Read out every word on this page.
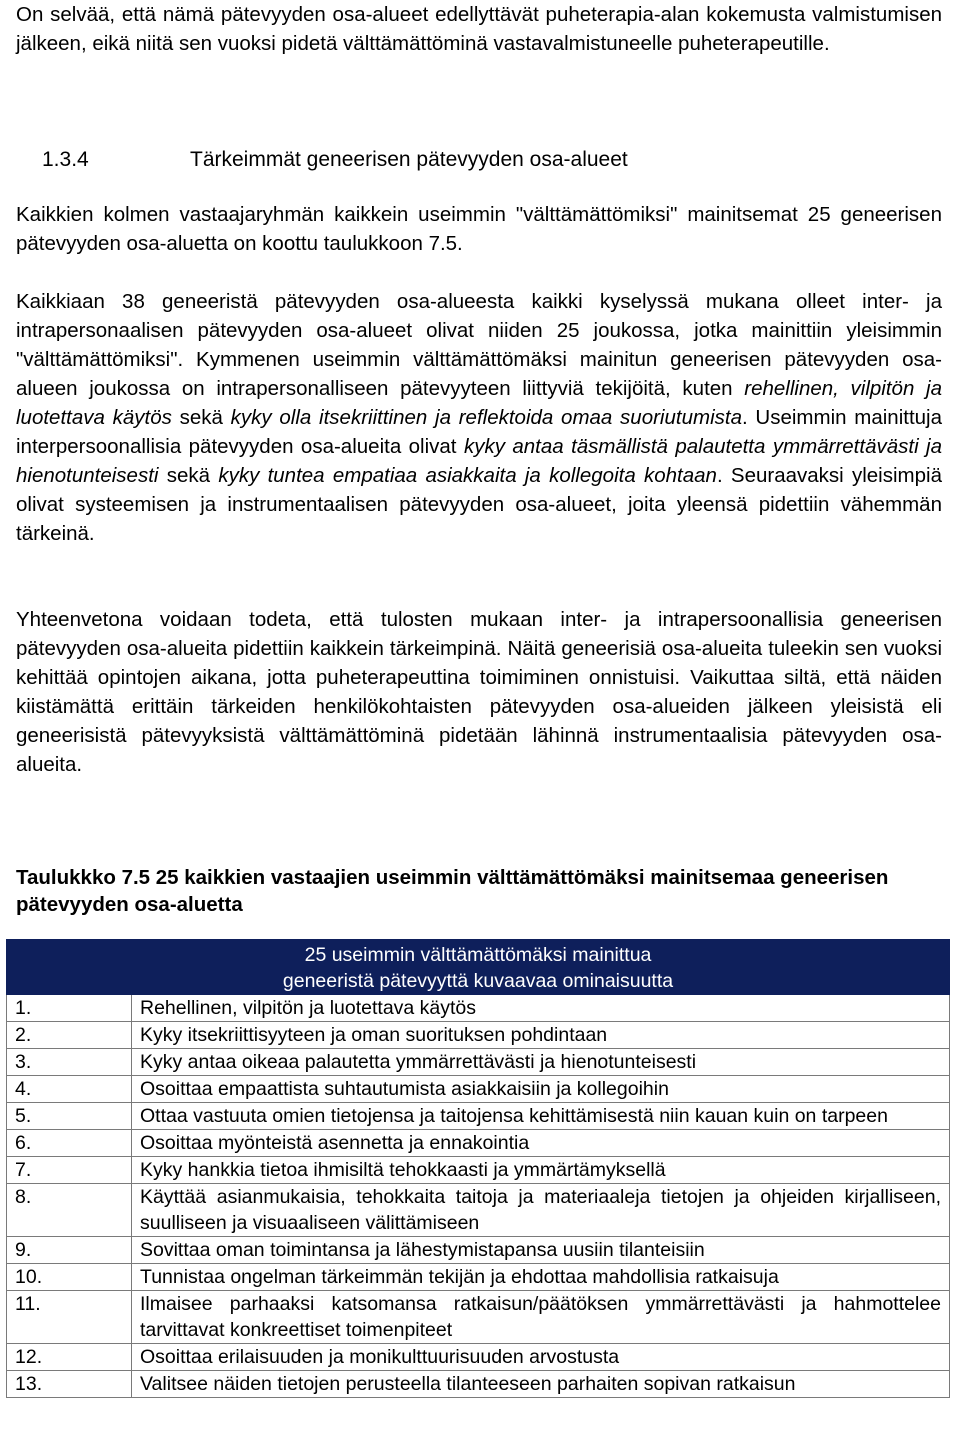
On selvää, että nämä pätevyyden osa-alueet edellyttävät puheterapia-alan kokemusta valmistumisen jälkeen, eikä niitä sen vuoksi pidetä välttämättöminä vastavalmistuneelle puheterapeutille.

1.3.4	Tärkeimmät geneerisen pätevyyden osa-alueet

Kaikkien kolmen vastaajaryhmän kaikkein useimmin "välttämättömiksi" mainitsemat 25 geneerisen pätevyyden osa-aluetta on koottu taulukkoon 7.5.

Kaikkiaan 38 geneeristä pätevyyden osa-alueesta kaikki kyselyssä mukana olleet inter- ja intrapersonaalisen pätevyyden osa-alueet olivat niiden 25 joukossa, jotka mainittiin yleisimmin "välttämättömiksi". Kymmenen useimmin välttämättömäksi mainitun geneerisen pätevyyden osa-alueen joukossa on intrapersonalliseen pätevyyteen liittyviä tekijöitä, kuten rehellinen, vilpitön ja luotettava käytös sekä kyky olla itsekriittinen ja reflektoida omaa suoriutumista. Useimmin mainittuja interpersoonallisia pätevyyden osa-alueita olivat kyky antaa täsmällistä palautetta ymmärrettävästi ja hienotunteisesti sekä kyky tuntea empatiaa asiakkaita ja kollegoita kohtaan. Seuraavaksi yleisimpiä olivat systeemisen ja instrumentaalisen pätevyyden osa-alueet, joita yleensä pidettiin vähemmän tärkeinä.

Yhteenvetona voidaan todeta, että tulosten mukaan inter- ja intrapersoonallisia geneerisen pätevyyden osa-alueita pidettiin kaikkein tärkeimpinä. Näitä geneerisiä osa-alueita tuleekin sen vuoksi kehittää opintojen aikana, jotta puheterapeuttina toimiminen onnistuisi. Vaikuttaa siltä, että näiden kiistämättä erittäin tärkeiden henkilökohtaisten pätevyyden osa-alueiden jälkeen yleisistä eli geneerisistä pätevyyksistä välttämättöminä pidetään lähinnä instrumentaalisia pätevyyden osa-alueita.

Taulukkko 7.5 25 kaikkien vastaajien useimmin välttämättömäksi mainitsemaa geneerisen pätevyyden osa-aluetta
25 useimmin välttämättömäksi mainittua
geneeristä pätevyyttä kuvaavaa ominaisuutta	

1.	Rehellinen, vilpitön ja luotettava käytös
2.	Kyky itsekriittisyyteen ja oman suorituksen pohdintaan
3.	Kyky antaa oikeaa palautetta ymmärrettävästi ja hienotunteisesti
4.	Osoittaa empaattista suhtautumista asiakkaisiin ja kollegoihin
5.	Ottaa vastuuta omien tietojensa ja taitojensa kehittämisestä niin kauan kuin on tarpeen
6.	Osoittaa myönteistä asennetta ja ennakointia
7.	Kyky hankkia tietoa ihmisiltä tehokkaasti ja ymmärtämyksellä
8.	Käyttää asianmukaisia, tehokkaita taitoja ja materiaaleja tietojen ja ohjeiden kirjalliseen, suulliseen ja visuaaliseen välittämiseen
9.	Sovittaa oman toimintansa ja lähestymistapansa uusiin tilanteisiin
10.	Tunnistaa ongelman tärkeimmän tekijän ja ehdottaa mahdollisia ratkaisuja
11.	Ilmaisee parhaaksi katsomansa ratkaisun/päätöksen ymmärrettävästi ja hahmottelee tarvittavat konkreettiset toimenpiteet
12.	Osoittaa erilaisuuden ja monikulttuurisuuden arvostusta
13.	Valitsee näiden tietojen perusteella tilanteeseen parhaiten sopivan ratkaisun
